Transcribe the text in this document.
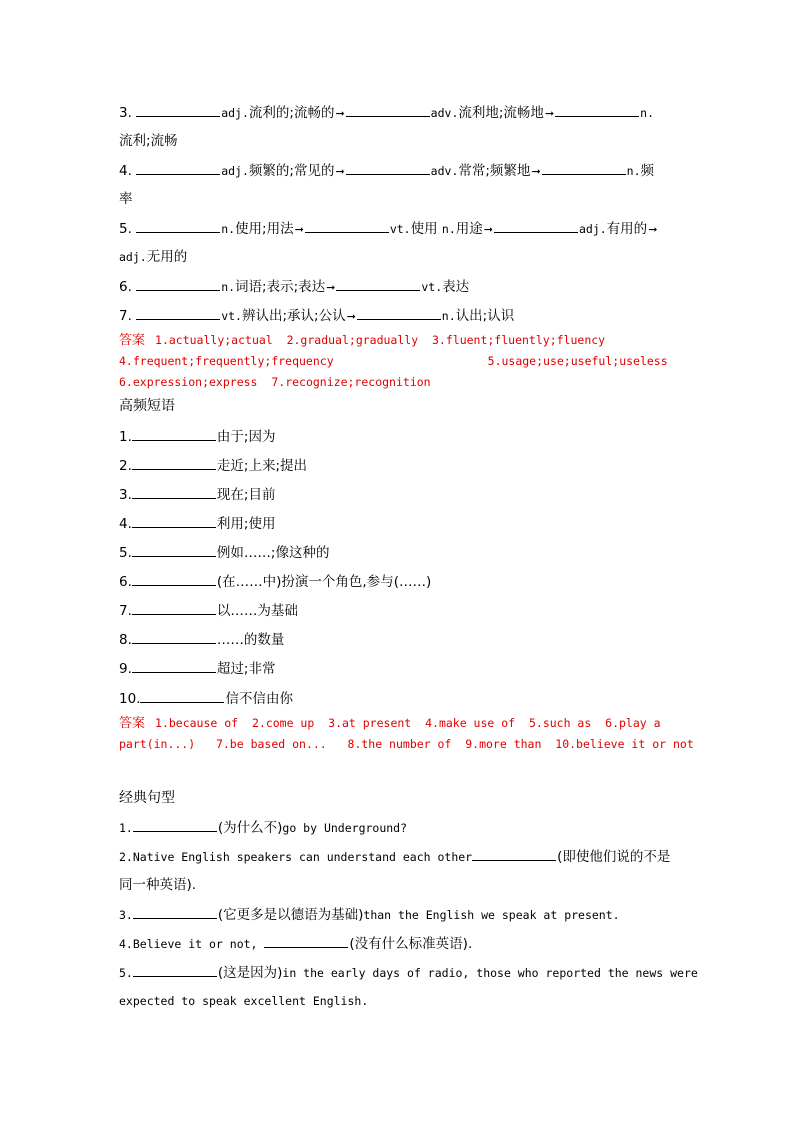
3.	adj.流利的;流畅的➞	adv.流利地;流畅地➞	n.
流利;流畅
4.	adj.频繁的;常见的➞	adv.常常;频繁地➞	n.频
率
5.	n.使用;用法➞	vt.使用 n.用途➞	adj.有用的➞
adj.无用的
6.	n.词语;表示;表达➞	vt.表达
7.	vt.辨认出;承认;公认➞	n.认出;认识
答案 1.actually;actual 2.gradual;gradually 3.fluent;fluently;fluency
4.frequent;frequently;frequency	5.usage;use;useful;useless
6.expression;express 7.recognize;recognition
高频短语
1.	由于;因为
2.	走近;上来;提出
3.	现在;目前
4.	利用;使用
5.	例如……;像这种的
6.	(在……中)扮演一个角色,参与(……)
7.	以……为基础
8.	……的数量
9.	超过;非常
10.	信不信由你
答案 1.because of 2.come up 3.at present 4.make use of 5.such as 6.play a
part(in...) 7.be based on... 8.the number of 9.more than 10.believe it or not
经典句型
1.	(为什么不)go by Underground?
2.Native English speakers can understand each other	(即使他们说的不是
同一种英语).
3.	(它更多是以德语为基础)than the English we speak at present.
4.Believe it or not,	(没有什么标准英语).
5.	(这是因为)in the early days of radio, those who reported the news were
expected to speak excellent English.
